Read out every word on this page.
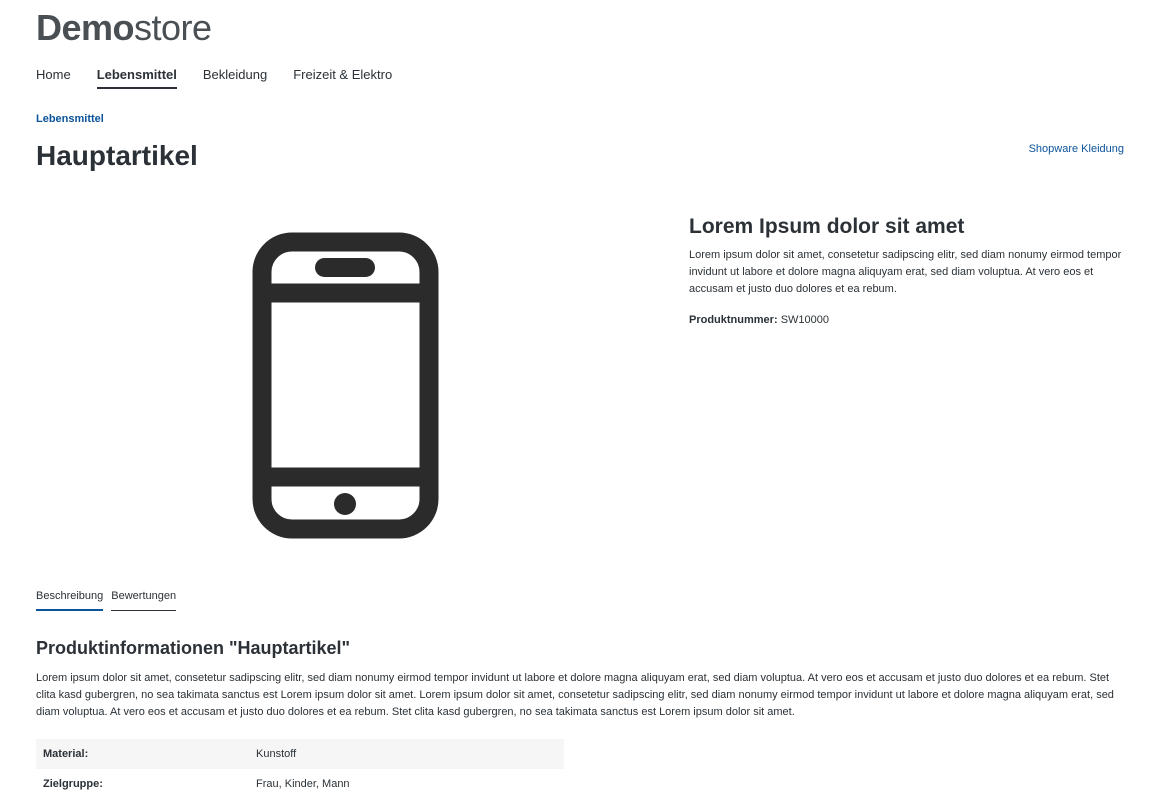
Demostore
Home Lebensmittel Bekleidung Freizeit & Elektro
Lebensmittel
Hauptartikel	Shopware Kleidung
Lorem Ipsum dolor sit amet

Lorem ipsum dolor sit amet, consetetur sadipscing elitr, sed diam nonumy eirmod tempor invidunt ut labore et dolore magna aliquyam erat, sed diam voluptua. At vero eos et accusam et justo duo dolores et ea rebum.

Produktnummer: SW10000

Beschreibung Bewertungen
Produktinformationen "Hauptartikel"

Lorem ipsum dolor sit amet, consetetur sadipscing elitr, sed diam nonumy eirmod tempor invidunt ut labore et dolore magna aliquyam erat, sed diam voluptua. At vero eos et accusam et justo duo dolores et ea rebum. Stet clita kasd gubergren, no sea takimata sanctus est Lorem ipsum dolor sit amet. Lorem ipsum dolor sit amet, consetetur sadipscing elitr, sed diam nonumy eirmod tempor invidunt ut labore et dolore magna aliquyam erat, sed diam voluptua. At vero eos et accusam et justo duo dolores et ea rebum. Stet clita kasd gubergren, no sea takimata sanctus est Lorem ipsum dolor sit amet.

Material:	Kunstoff
Zielgruppe:	Frau, Kinder, Mann
